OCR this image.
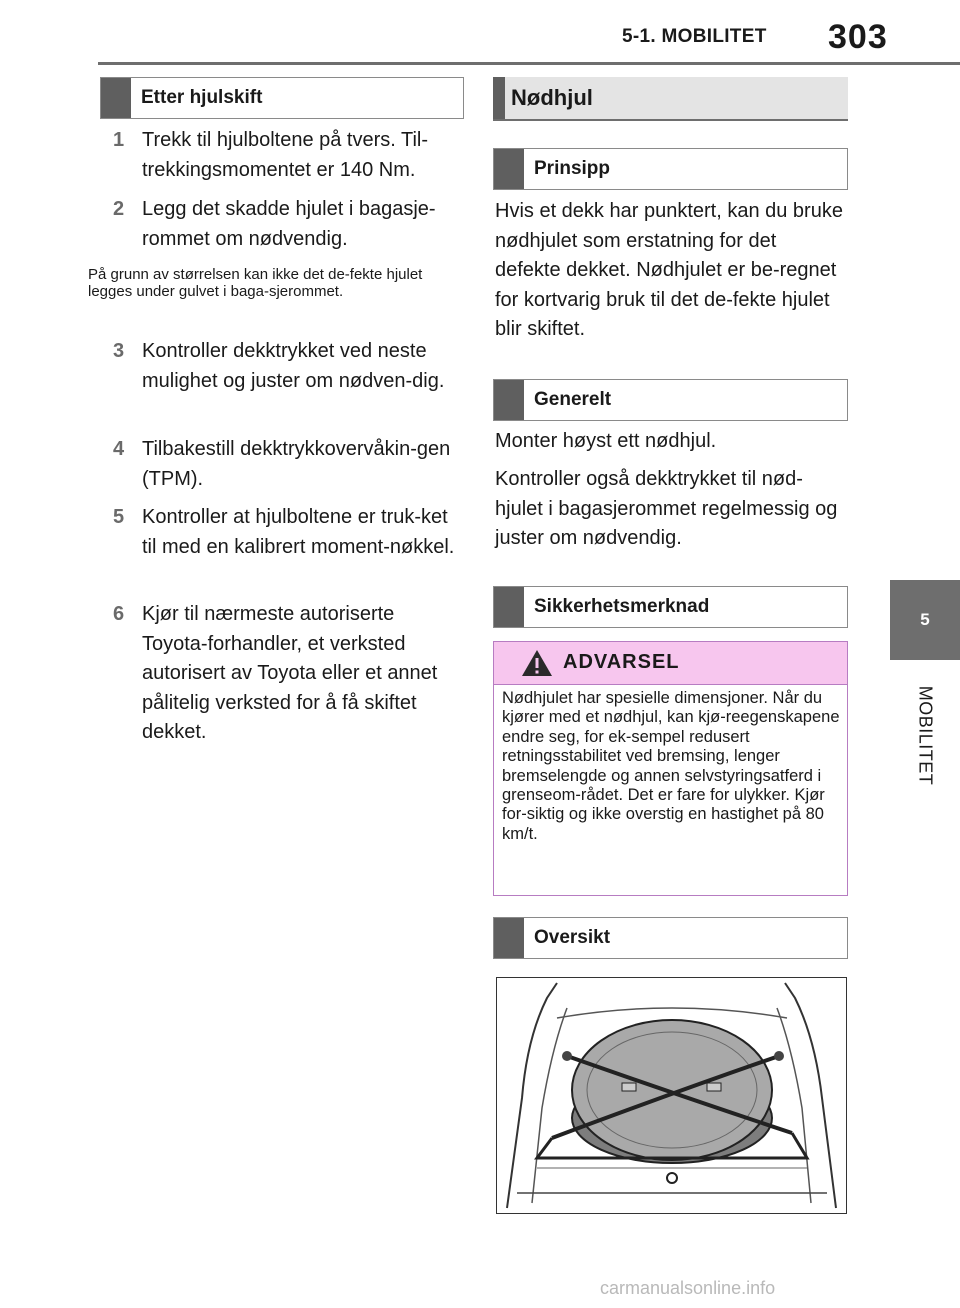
5-1. MOBILITET 303
5
MOBILITET
Etter hjulskift
1 Trekk til hjulboltene på tvers. Til-trekkingsmomentet er 140 Nm.
2 Legg det skadde hjulet i bagasje-rommet om nødvendig.
På grunn av størrelsen kan ikke det de-fekte hjulet legges under gulvet i baga-sjerommet.
3 Kontroller dekktrykket ved neste mulighet og juster om nødven-dig.
4 Tilbakestill dekktrykkovervåkin-gen (TPM).
5 Kontroller at hjulboltene er truk-ket til med en kalibrert moment-nøkkel.
6 Kjør til nærmeste autoriserte Toyota-forhandler, et verksted autorisert av Toyota eller et annet pålitelig verksted for å få skiftet dekket.
Nødhjul
Prinsipp
Hvis et dekk har punktert, kan du bruke nødhjulet som erstatning for det defekte dekket. Nødhjulet er be-regnet for kortvarig bruk til det de-fekte hjulet blir skiftet.
Generelt
Monter høyst ett nødhjul.
Kontroller også dekktrykket til nød-hjulet i bagasjerommet regelmessig og juster om nødvendig.
Sikkerhetsmerknad
ADVARSEL
Nødhjulet har spesielle dimensjoner. Når du kjører med et nødhjul, kan kjø-reegenskapene endre seg, for ek-sempel redusert retningsstabilitet ved bremsing, lenger bremselengde og annen selvstyringsatferd i grenseom-rådet. Det er fare for ulykker. Kjør for-siktig og ikke overstig en hastighet på 80 km/t.
Oversikt
carmanualsonline.info
